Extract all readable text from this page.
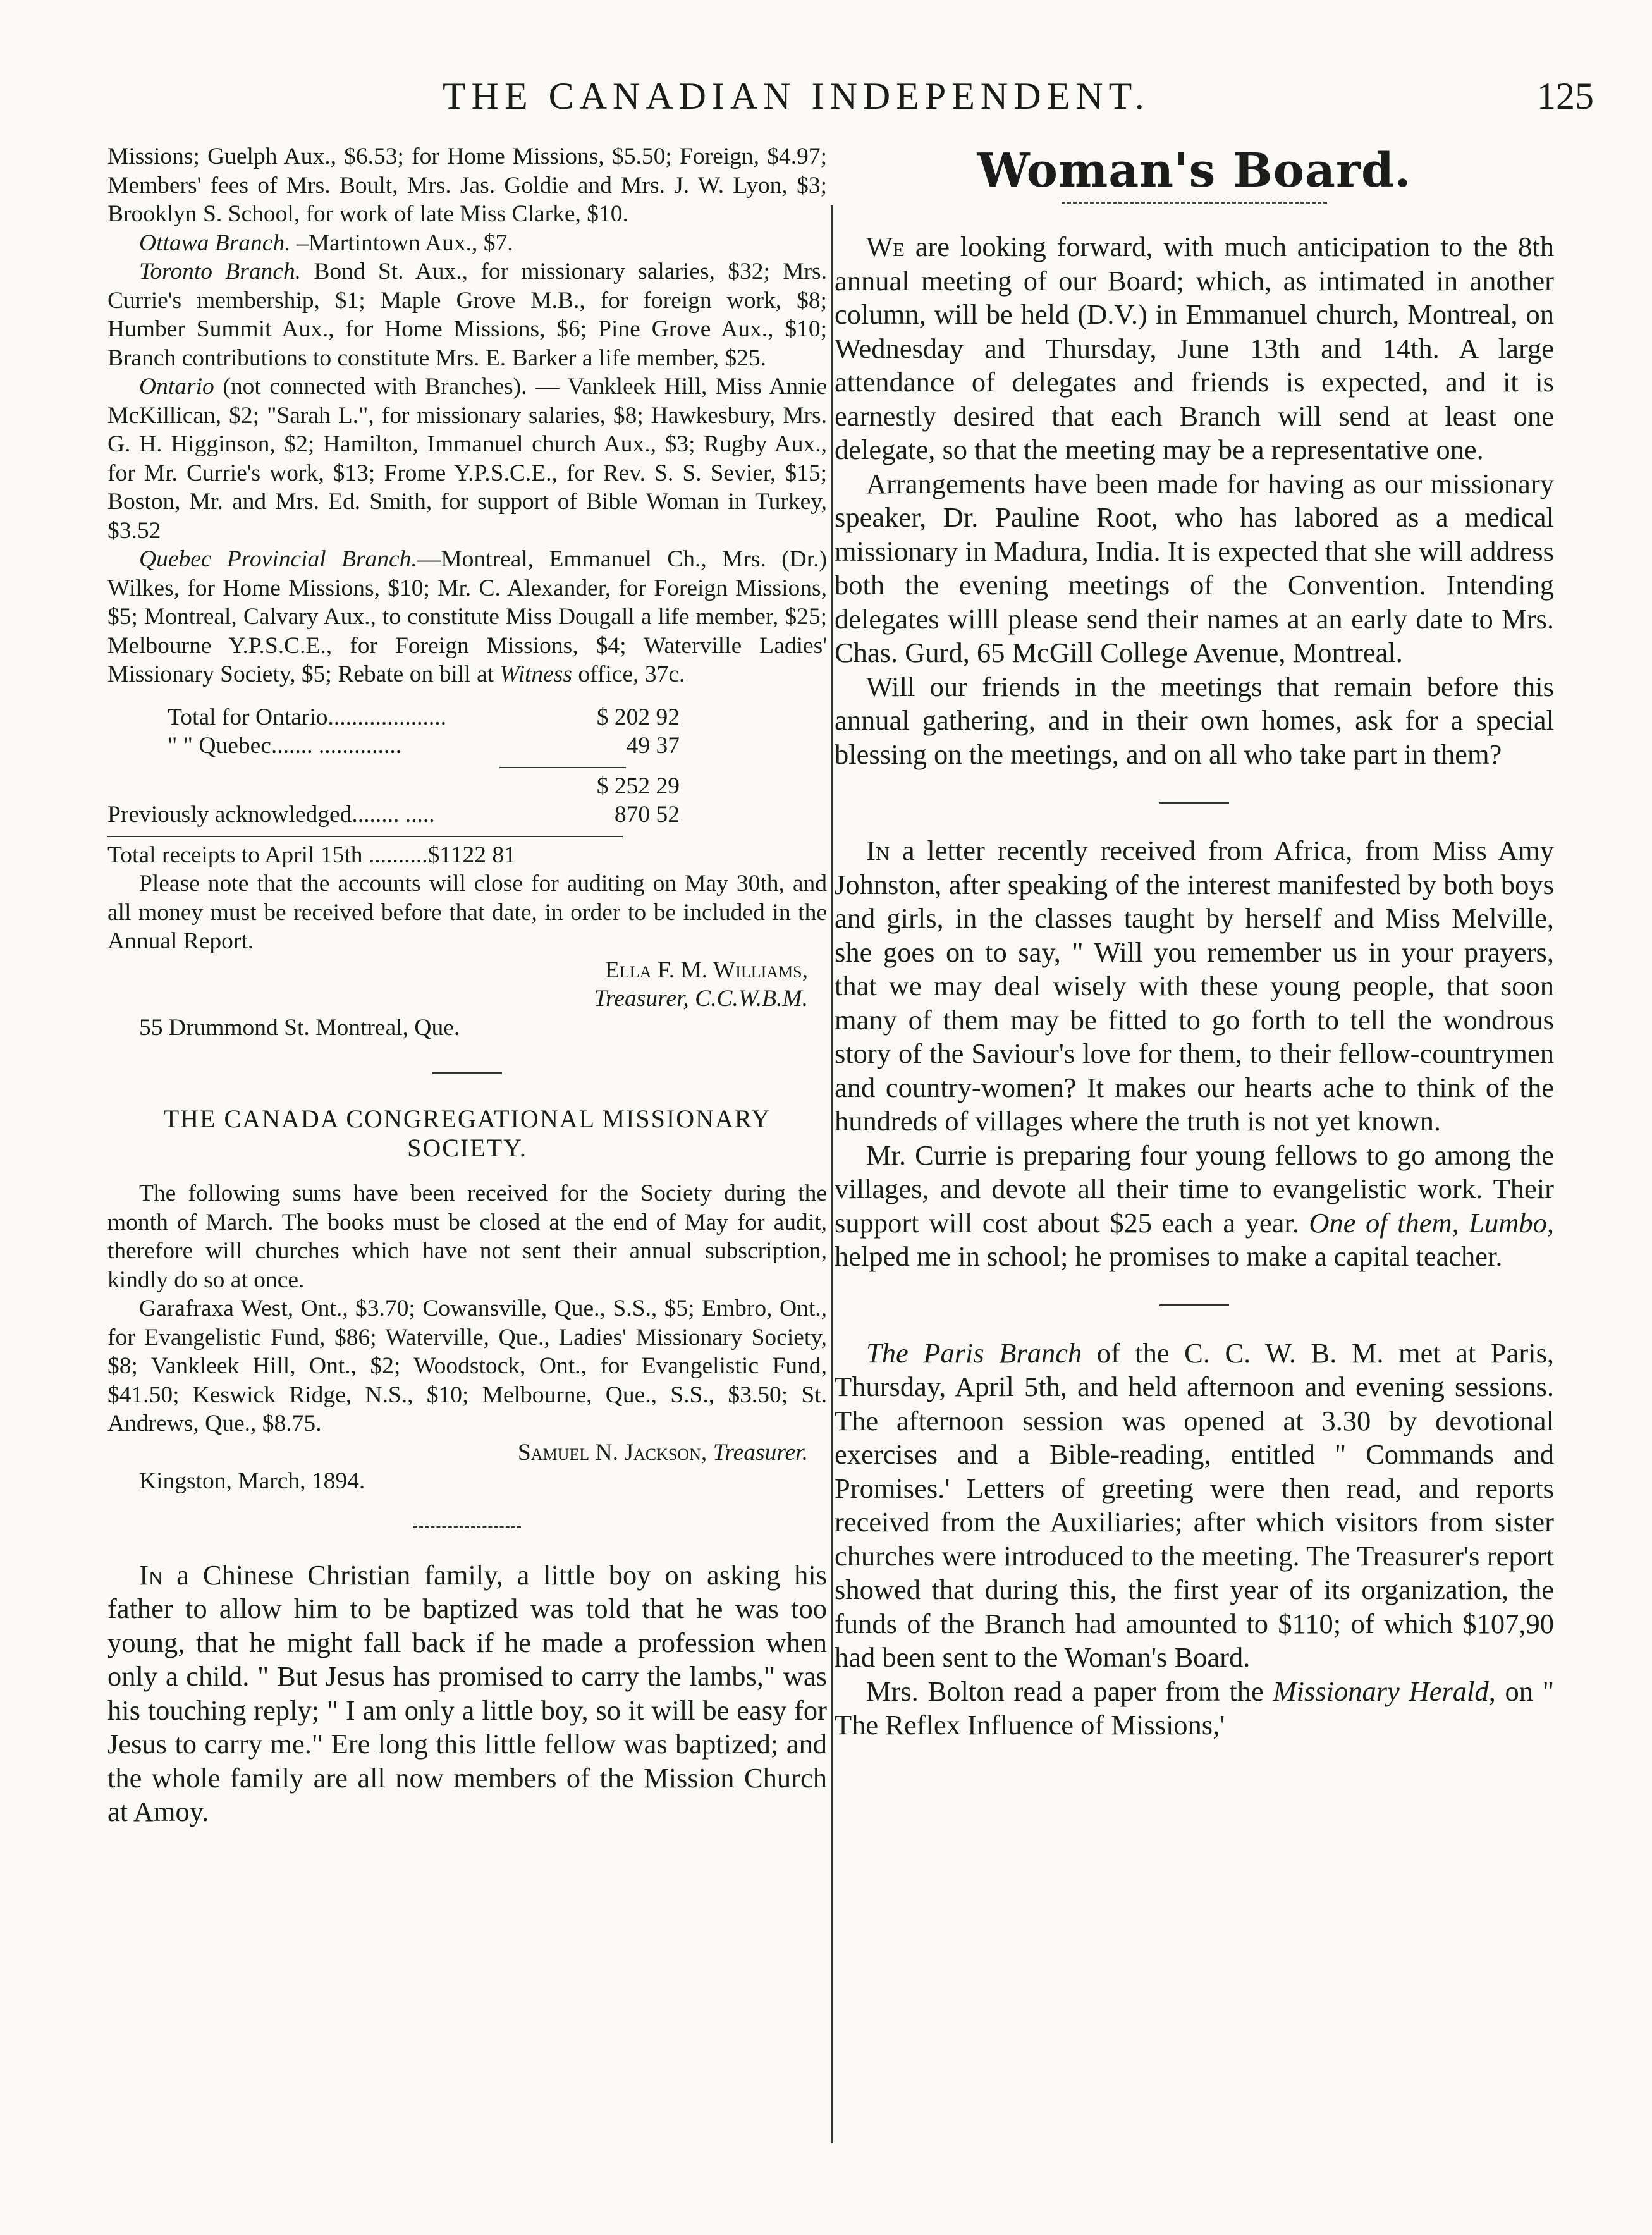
THE CANADIAN INDEPENDENT.	125

Missions; Guelph Aux., $6.53; for Home Missions, $5.50; Foreign, $4.97; Members' fees of Mrs. Boult, Mrs. Jas. Goldie and Mrs. J. W. Lyon, $3; Brooklyn S. School, for work of late Miss Clarke, $10.

Ottawa Branch. –Martintown Aux., $7.

Toronto Branch. Bond St. Aux., for missionary salaries, $32; Mrs. Currie's membership, $1; Maple Grove M.B., for foreign work, $8; Humber Summit Aux., for Home Missions, $6; Pine Grove Aux., $10; Branch contributions to constitute Mrs. E. Barker a life member, $25.

Ontario (not connected with Branches). — Vankleek Hill, Miss Annie McKillican, $2; "Sarah L.", for missionary salaries, $8; Hawkesbury, Mrs. G. H. Higginson, $2; Hamilton, Immanuel church Aux., $3; Rugby Aux., for Mr. Currie's work, $13; Frome Y.P.S.C.E., for Rev. S. S. Sevier, $15; Boston, Mr. and Mrs. Ed. Smith, for support of Bible Woman in Turkey, $3.52

Quebec Provincial Branch.—Montreal, Emmanuel Ch., Mrs. (Dr.) Wilkes, for Home Missions, $10; Mr. C. Alexander, for Foreign Missions, $5; Montreal, Calvary Aux., to constitute Miss Dougall a life member, $25; Melbourne Y.P.S.C.E., for Foreign Missions, $4; Waterville Ladies' Missionary Society, $5; Rebate on bill at Witness office, 37c.

Total for Ontario....................	$ 202 92
" " Quebec....... ..............	49 37
$ 252 29
Previously acknowledged........ .....	870 52
Total receipts to April 15th ..........$1122 81

Please note that the accounts will close for auditing on May 30th, and all money must be received before that date, in order to be included in the Annual Report.

Ella F. M. Williams,
Treasurer, C.C.W.B.M.

55 Drummond St. Montreal, Que.

THE CANADA CONGREGATIONAL MISSIONARY SOCIETY.

The following sums have been received for the Society during the month of March. The books must be closed at the end of May for audit, therefore will churches which have not sent their annual subscription, kindly do so at once.

Garafraxa West, Ont., $3.70; Cowansville, Que., S.S., $5; Embro, Ont., for Evangelistic Fund, $86; Waterville, Que., Ladies' Missionary Society, $8; Vankleek Hill, Ont., $2; Woodstock, Ont., for Evangelistic Fund, $41.50; Keswick Ridge, N.S., $10; Melbourne, Que., S.S., $3.50; St. Andrews, Que., $8.75.

Samuel N. Jackson, Treasurer.

Kingston, March, 1894.

In a Chinese Christian family, a little boy on asking his father to allow him to be baptized was told that he was too young, that he might fall back if he made a profession when only a child. " But Jesus has promised to carry the lambs," was his touching reply; " I am only a little boy, so it will be easy for Jesus to carry me." Ere long this little fellow was baptized; and the whole family are all now members of the Mission Church at Amoy.

Woman's Board.

We are looking forward, with much anticipation to the 8th annual meeting of our Board; which, as intimated in another column, will be held (D.V.) in Emmanuel church, Montreal, on Wednesday and Thursday, June 13th and 14th. A large attendance of delegates and friends is expected, and it is earnestly desired that each Branch will send at least one delegate, so that the meeting may be a representative one.

Arrangements have been made for having as our missionary speaker, Dr. Pauline Root, who has labored as a medical missionary in Madura, India. It is expected that she will address both the evening meetings of the Convention. Intending delegates willl please send their names at an early date to Mrs. Chas. Gurd, 65 McGill College Avenue, Montreal.

Will our friends in the meetings that remain before this annual gathering, and in their own homes, ask for a special blessing on the meetings, and on all who take part in them?

In a letter recently received from Africa, from Miss Amy Johnston, after speaking of the interest manifested by both boys and girls, in the classes taught by herself and Miss Melville, she goes on to say, " Will you remember us in your prayers, that we may deal wisely with these young people, that soon many of them may be fitted to go forth to tell the wondrous story of the Saviour's love for them, to their fellow-countrymen and country-women? It makes our hearts ache to think of the hundreds of villages where the truth is not yet known.

Mr. Currie is preparing four young fellows to go among the villages, and devote all their time to evangelistic work. Their support will cost about $25 each a year. One of them, Lumbo, helped me in school; he promises to make a capital teacher.

The Paris Branch of the C. C. W. B. M. met at Paris, Thursday, April 5th, and held afternoon and evening sessions. The afternoon session was opened at 3.30 by devotional exercises and a Bible-reading, entitled " Commands and Promises.' Letters of greeting were then read, and reports received from the Auxiliaries; after which visitors from sister churches were introduced to the meeting. The Treasurer's report showed that during this, the first year of its organization, the funds of the Branch had amounted to $110; of which $107,90 had been sent to the Woman's Board.

Mrs. Bolton read a paper from the Missionary Herald, on " The Reflex Influence of Missions,'
